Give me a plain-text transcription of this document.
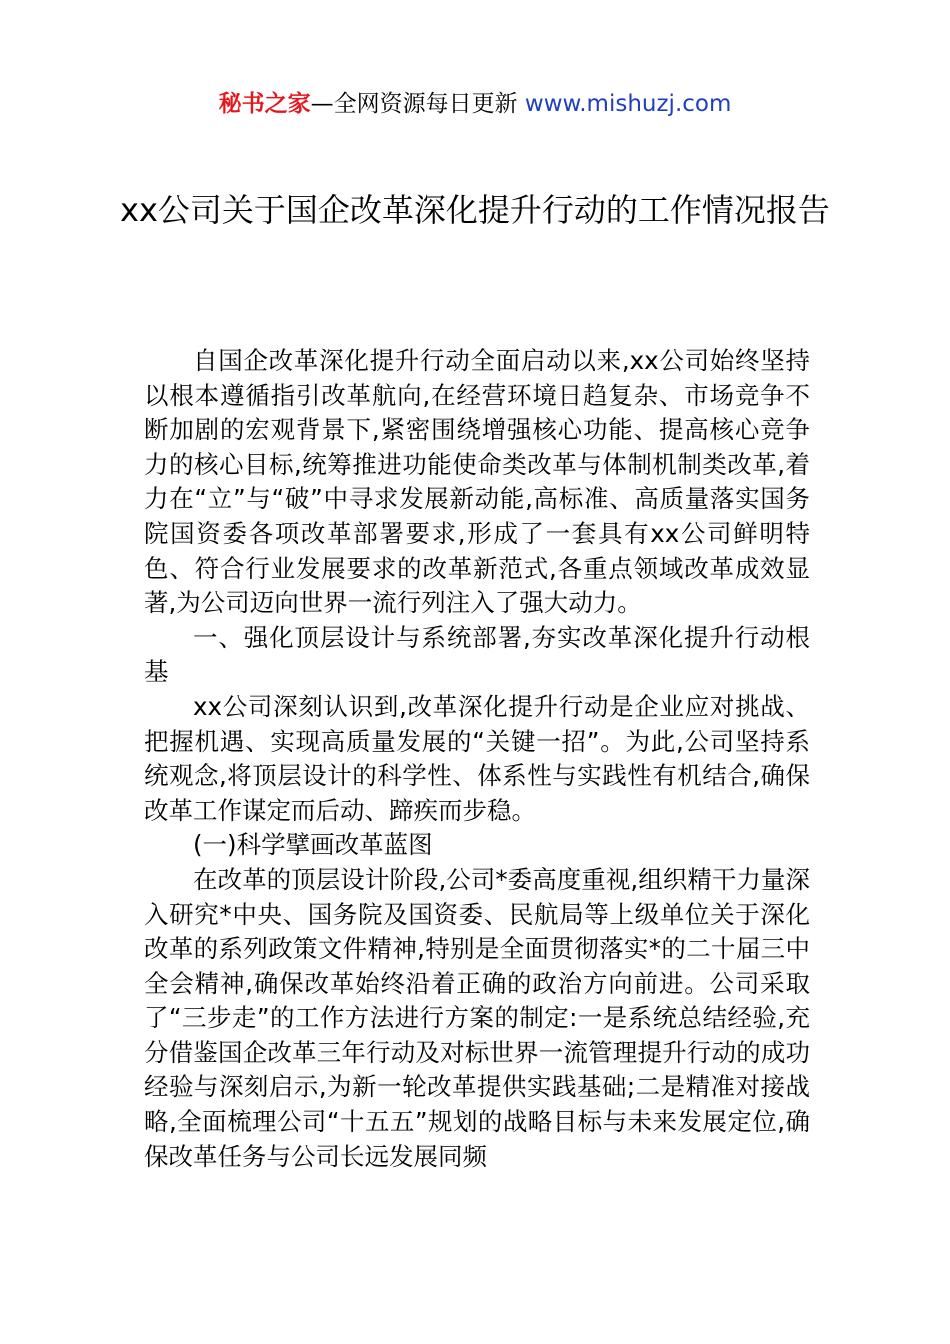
秘书之家—全网资源每日更新 www.mishuzj.com
xx公司关于国企改革深化提升行动的工作情况报告

自国企改革深化提升行动全面启动以来,xx公司始终坚持以根本遵循指引改革航向,在经营环境日趋复杂、市场竞争不断加剧的宏观背景下,紧密围绕增强核心功能、提高核心竞争力的核心目标,统筹推进功能使命类改革与体制机制类改革,着力在“立”与“破”中寻求发展新动能,高标准、高质量落实国务院国资委各项改革部署要求,形成了一套具有xx公司鲜明特色、符合行业发展要求的改革新范式,各重点领域改革成效显著,为公司迈向世界一流行列注入了强大动力。

一、强化顶层设计与系统部署,夯实改革深化提升行动根基

xx公司深刻认识到,改革深化提升行动是企业应对挑战、把握机遇、实现高质量发展的“关键一招”。为此,公司坚持系统观念,将顶层设计的科学性、体系性与实践性有机结合,确保改革工作谋定而后动、蹄疾而步稳。

(一)科学擘画改革蓝图

在改革的顶层设计阶段,公司*委高度重视,组织精干力量深入研究*中央、国务院及国资委、民航局等上级单位关于深化改革的系列政策文件精神,特别是全面贯彻落实*的二十届三中全会精神,确保改革始终沿着正确的政治方向前进。公司采取了“三步走”的工作方法进行方案的制定:一是系统总结经验,充分借鉴国企改革三年行动及对标世界一流管理提升行动的成功经验与深刻启示,为新一轮改革提供实践基础;二是精准对接战略,全面梳理公司“十五五”规划的战略目标与未来发展定位,确保改革任务与公司长远发展同频
